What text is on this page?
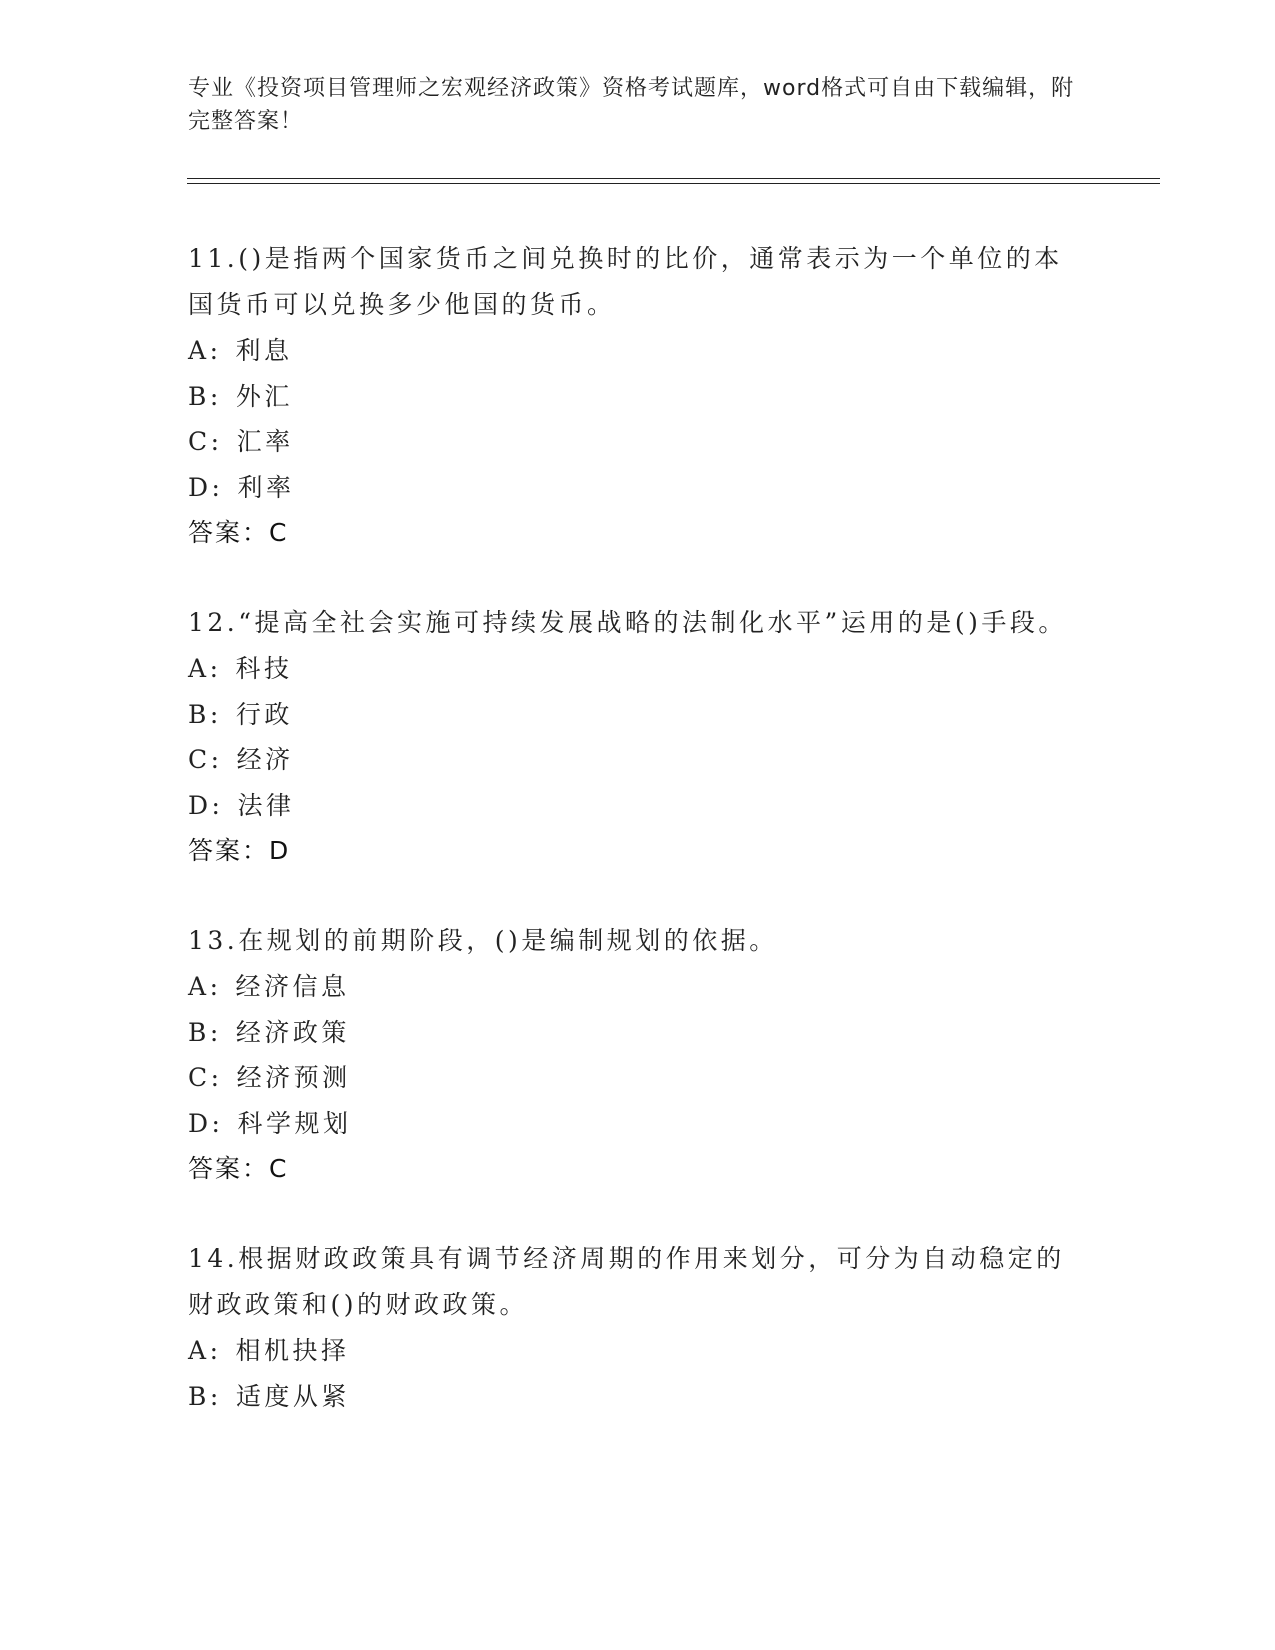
专业《投资项目管理师之宏观经济政策》资格考试题库，word格式可自由下载编辑，附完整答案！
11.()是指两个国家货币之间兑换时的比价，通常表示为一个单位的本国货币可以兑换多少他国的货币。
A: 利息
B: 外汇
C: 汇率
D: 利率
答案：C
12.“提高全社会实施可持续发展战略的法制化水平”运用的是()手段。
A: 科技
B: 行政
C: 经济
D: 法律
答案：D
13.在规划的前期阶段，()是编制规划的依据。
A: 经济信息
B: 经济政策
C: 经济预测
D: 科学规划
答案：C
14.根据财政政策具有调节经济周期的作用来划分，可分为自动稳定的财政政策和()的财政政策。
A: 相机抉择
B: 适度从紧
